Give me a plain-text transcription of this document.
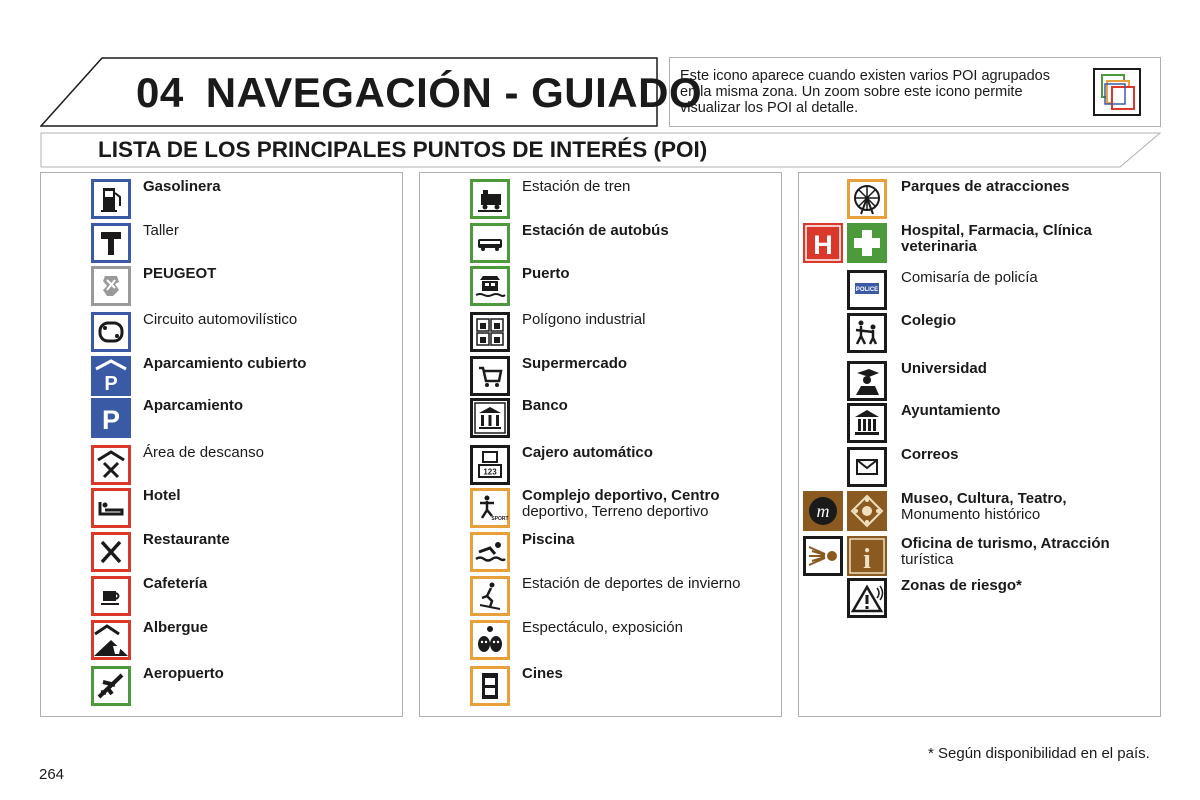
04 NAVEGACIÓN - GUIADO
Este icono aparece cuando existen varios POI agrupados en la misma zona. Un zoom sobre este icono permite visualizar los POI al detalle.
LISTA DE LOS PRINCIPALES PUNTOS DE INTERÉS (POI)
Gasolinera
Taller
PEUGEOT
Circuito automovilístico
P
Aparcamiento cubierto
P Aparcamiento
Área de descanso
Hotel
Restaurante
Cafetería
Albergue
Aeropuerto
Estación de tren
Estación de autobús
Puerto
Polígono industrial
Supermercado
Banco
123
Cajero automático
SPORT
Complejo deportivo, Centro
deportivo, Terreno deportivo
Piscina
Estación de deportes de invierno
Espectáculo, exposición
Cines
Parques de atracciones
H	Hospital, Farmacia, Clínica veterinaria
POLICE
Comisaría de policía
Colegio
Universidad
Ayuntamiento
Correos
m
Museo, Cultura, Teatro,
Monumento histórico
i
Oficina de turismo, Atracción
turística
Zonas de riesgo*
* Según disponibilidad en el país.
264
